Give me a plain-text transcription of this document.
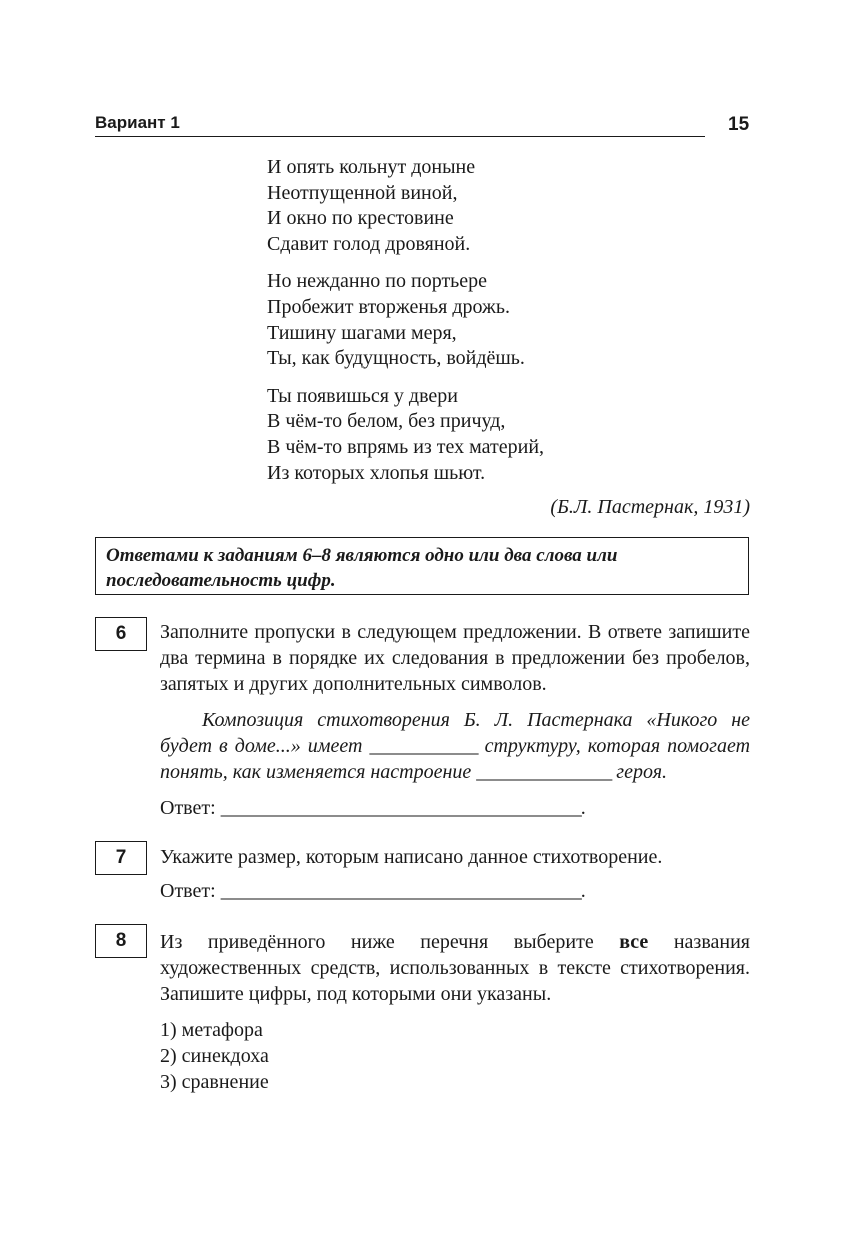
Вариант 1	15
И опять кольнут доныне
Неотпущенной виной,
И окно по крестовине
Сдавит голод дровяной.
Но нежданно по портьере
Пробежит вторженья дрожь.
Тишину шагами меря,
Ты, как будущность, войдёшь.
Ты появишься у двери
В чём-то белом, без причуд,
В чём-то впрямь из тех материй,
Из которых хлопья шьют.
(Б.Л. Пастернак, 1931)
Ответами к заданиям 6–8 являются одно или два слова или последовательность цифр.
6	Заполните пропуски в следующем предложении. В ответе запишите два термина в порядке их следования в предложении без пробелов, запятых и других дополнительных символов.

Композиция стихотворения Б. Л. Пастернака «Никого не будет в доме...» имеет ____________ структуру, которая помогает понять, как изменяется настроение _______________ героя.

Ответ: ________________________________________.
7	Укажите размер, которым написано данное стихотворение.

Ответ: ________________________________________.
8	Из приведённого ниже перечня выберите все названия художественных средств, использованных в тексте стихотворения. Запишите цифры, под которыми они указаны.

1) метафора
2) синекдоха
3) сравнение
